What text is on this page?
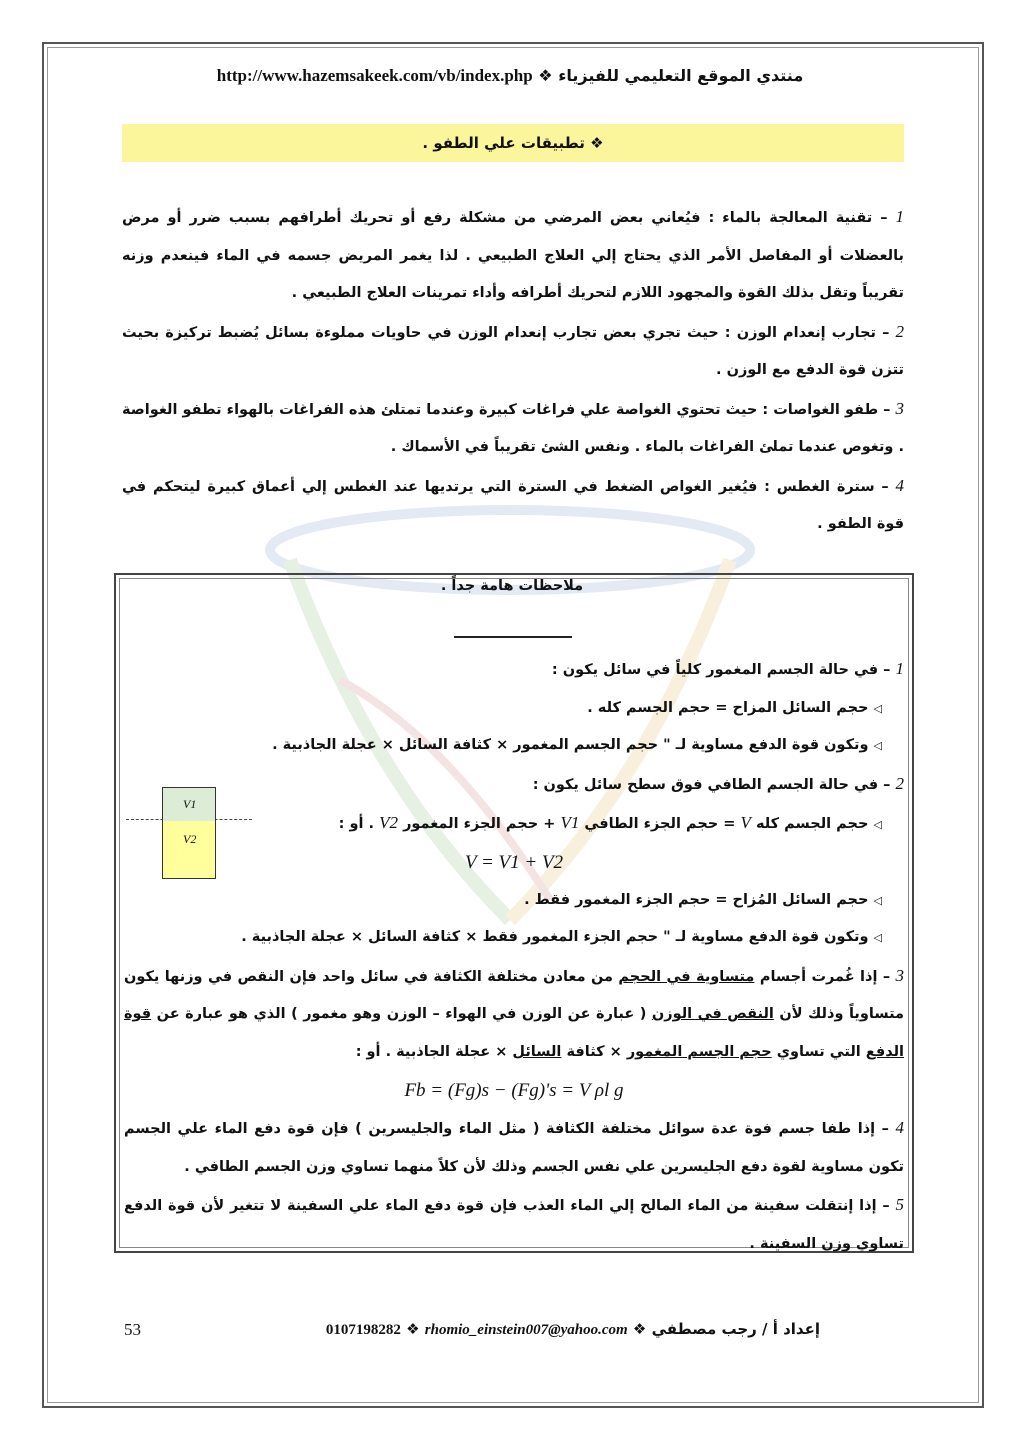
منتدي الموقع التعليمي للفيزياء ❖ http://www.hazemsakeek.com/vb/index.php
❖ تطبيقات علي الطفو .

1 – تقنية المعالجة بالماء : فيُعاني بعض المرضي من مشكلة رفع أو تحريك أطرافهم بسبب ضرر أو مرض بالعضلات أو المفاصل الأمر الذي يحتاج إلي العلاج الطبيعي . لذا يغمر المريض جسمه في الماء فينعدم وزنه تقريباً وتقل بذلك القوة والمجهود اللازم لتحريك أطرافه وأداء تمرينات العلاج الطبيعي .

2 – تجارب إنعدام الوزن : حيث تجري بعض تجارب إنعدام الوزن في حاويات مملوءة بسائل يُضبط تركيزة بحيث تتزن قوة الدفع مع الوزن .

3 – طفو الغواصات : حيث تحتوي الغواصة علي فراغات كبيرة وعندما تمتلئ هذه الفراغات بالهواء تطفو الغواصة . وتغوص عندما تملئ الفراغات بالماء . ونفس الشئ تقريباً في الأسماك .

4 – سترة الغطس : فيُغير الغواص الضغط في السترة التي يرتديها عند الغطس إلي أعماق كبيرة ليتحكم في قوة الطفو .

ملاحظات هامة جداً .

1 – في حالة الجسم المغمور كلياً في سائل يكون :

◁ حجم السائل المزاح = حجم الجسم كله .

◁ وتكون قوة الدفع مساوية لـ " حجم الجسم المغمور × كثافة السائل × عجلة الجاذبية .

2 – في حالة الجسم الطافي فوق سطح سائل يكون :

◁ حجم الجسم كله V = حجم الجزء الطافي V1 + حجم الجزء المغمور V2 . أو :

V = V1 + V2

◁ حجم السائل المُزاح = حجم الجزء المغمور فقط .

◁ وتكون قوة الدفع مساوية لـ " حجم الجزء المغمور فقط × كثافة السائل × عجلة الجاذبية .

3 – إذا غُمرت أجسام متساوية في الحجم من معادن مختلفة الكثافة في سائل واحد فإن النقص في وزنها يكون متساوياً وذلك لأن النقص في الوزن ( عبارة عن الوزن في الهواء – الوزن وهو مغمور ) الذي هو عبارة عن قوة الدفع التي تساوي حجم الجسم المغمور × كثافة السائل × عجلة الجاذبية . أو :

Fb = (Fg)s − (Fg)'s = V ρl g

4 – إذا طفا جسم فوة عدة سوائل مختلفة الكثافة ( مثل الماء والجليسرين ) فإن قوة دفع الماء علي الجسم تكون مساوية لقوة دفع الجليسرين علي نفس الجسم وذلك لأن كلاً منهما تساوي وزن الجسم الطافي .

5 – إذا إنتقلت سفينة من الماء المالح إلي الماء العذب فإن قوة دفع الماء علي السفينة لا تتغير لأن قوة الدفع تساوي وزن السفينة .

V1
V2
إعداد أ / رجب مصطفي ❖ 0107198282 ❖ rhomio_einstein007@yahoo.com
53
